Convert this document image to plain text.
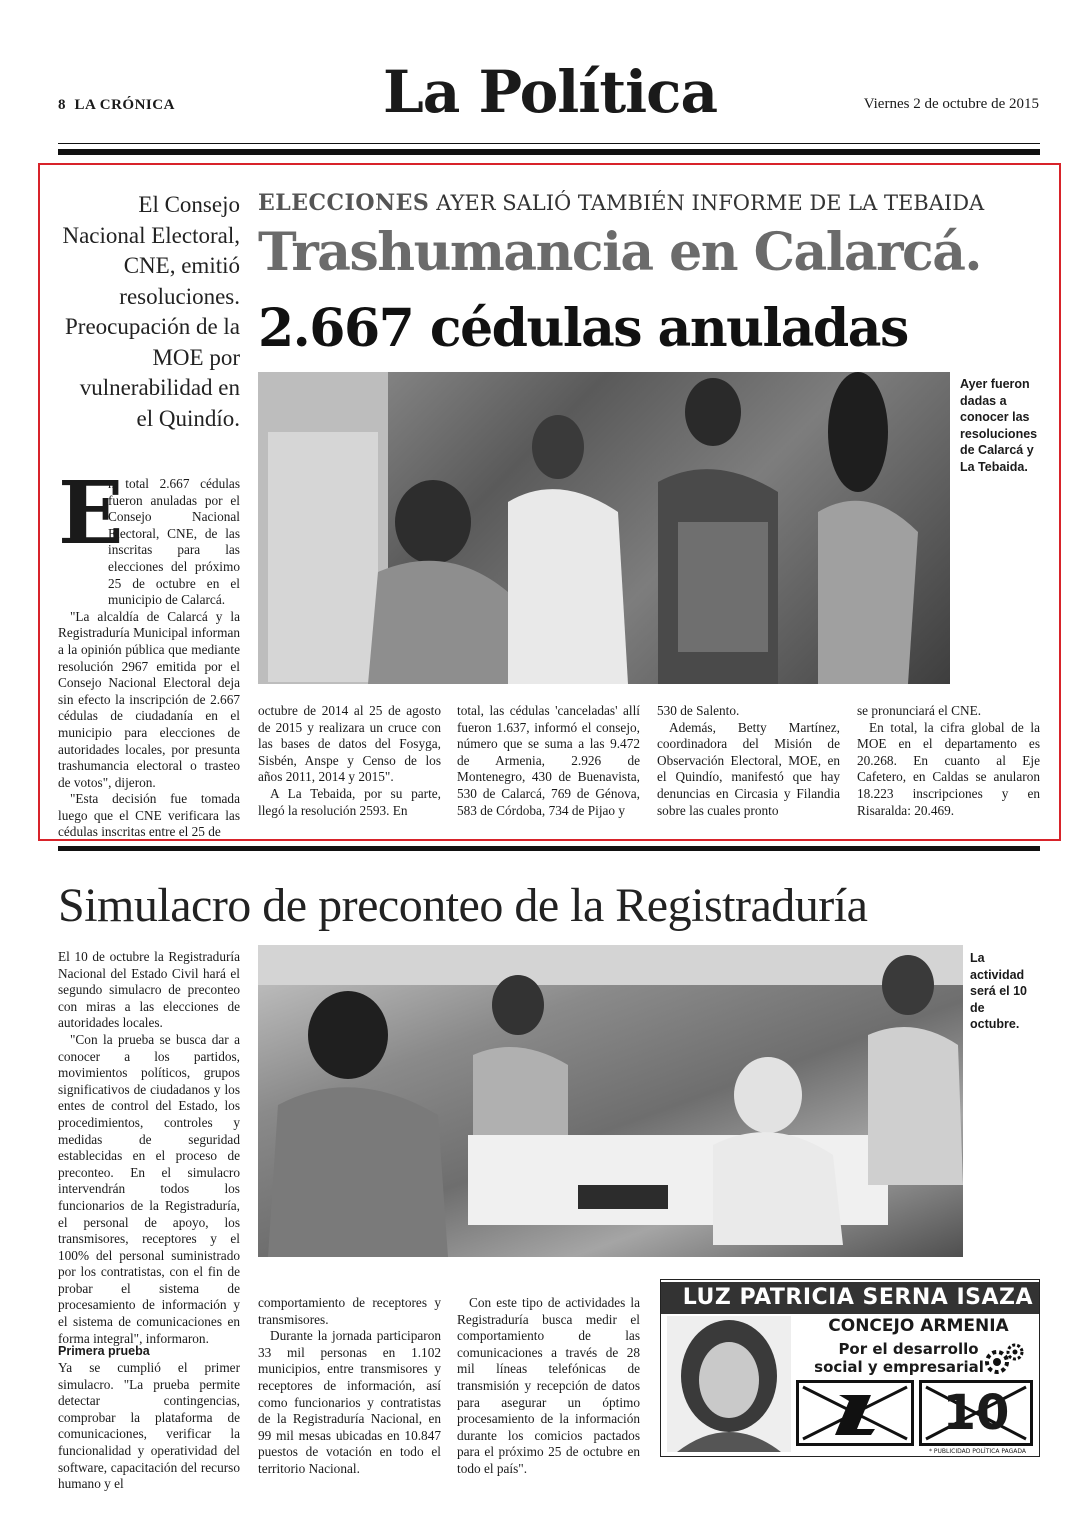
8 LA CRÓNICA	La Política	Viernes 2 de octubre de 2015
El Consejo Nacional Electoral, CNE, emitió resoluciones. Preocupación de la MOE por vulnerabilidad en el Quindío.
ELECCIONES AYER SALIÓ TAMBIÉN INFORME DE LA TEBAIDA
Trashumancia en Calarcá.
2.667 cédulas anuladas
Ayer fueron dadas a conocer las resoluciones de Calarcá y La Tebaida.
E

n total 2.667 cédulas fueron anuladas por el Consejo Nacional Electoral, CNE, de las inscritas para las elecciones del próximo 25 de octubre en el municipio de Calarcá.

"La alcaldía de Calarcá y la Registraduría Municipal informan a la opinión pública que mediante resolución 2967 emitida por el Consejo Nacional Electoral deja sin efecto la inscripción de 2.667 cédulas de ciudadanía en el municipio para elecciones de autoridades locales, por presunta trashumancia electoral o trasteo de votos", dijeron.

"Esta decisión fue tomada luego que el CNE verificara las cédulas inscritas entre el 25 de

octubre de 2014 al 25 de agosto de 2015 y realizara un cruce con las bases de datos del Fosyga, Sisbén, Anspe y Censo de los años 2011, 2014 y 2015".

A La Tebaida, por su parte, llegó la resolución 2593. En

total, las cédulas 'canceladas' allí fueron 1.637, informó el consejo, número que se suma a las 9.472 de Armenia, 2.926 de Montenegro, 430 de Buenavista, 530 de Calarcá, 769 de Génova, 583 de Córdoba, 734 de Pijao y

530 de Salento.

Además, Betty Martínez, coordinadora del Misión de Observación Electoral, MOE, en el Quindío, manifestó que hay denuncias en Circasia y Filandia sobre las cuales pronto

se pronunciará el CNE.

En total, la cifra global de la MOE en el departamento es 20.268. En cuanto al Eje Cafetero, en Caldas se anularon 18.223 inscripciones y en Risaralda: 20.469.

Simulacro de preconteo de la Registraduría
La actividad será el 10 de octubre.

El 10 de octubre la Registraduría Nacional del Estado Civil hará el segundo simulacro de preconteo con miras a las elecciones de autoridades locales.

"Con la prueba se busca dar a conocer a los partidos, movimientos políticos, grupos significativos de ciudadanos y los entes de control del Estado, los procedimientos, controles y medidas de seguridad establecidas en el proceso de preconteo. En el simulacro intervendrán todos los funcionarios de la Registraduría, el personal de apoyo, los transmisores, receptores y el 100% del personal suministrado por los contratistas, con el fin de probar el sistema de procesamiento de información y el sistema de comunicaciones en forma integral", informaron.

Primera prueba

Ya se cumplió el primer simulacro. "La prueba permite detectar contingencias, comprobar la plataforma de comunicaciones, verificar la funcionalidad y operatividad del software, capacitación del recurso humano y el

comportamiento de receptores y transmisores.

Durante la jornada participaron 33 mil personas en 1.102 municipios, entre transmisores y receptores de información, así como funcionarios y contratistas de la Registraduría Nacional, en 99 mil mesas ubicadas en 10.847 puestos de votación en todo el territorio Nacional.

Con este tipo de actividades la Registraduría busca medir el comportamiento de las comunicaciones a través de 28 mil líneas telefónicas de transmisión y recepción de datos para asegurar un óptimo procesamiento de la información durante los comicios pactados para el próximo 25 de octubre en todo el país".

LUZ PATRICIA SERNA ISAZA
CONCEJO ARMENIA
Por el desarrollo
social y empresarial
10
* PUBLICIDAD POLÍTICA PAGADA
